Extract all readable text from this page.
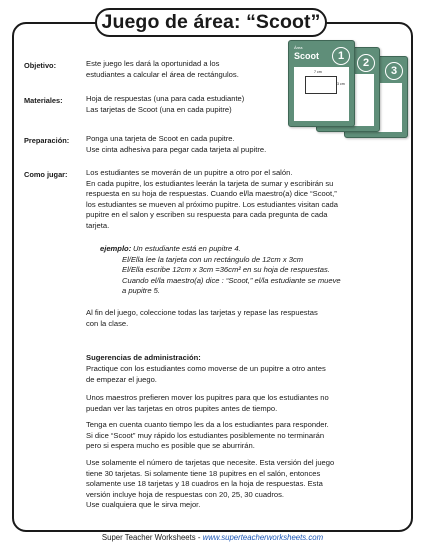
Juego de área: “Scoot”
3
2
Área
Scoot	1
7 cm
3 cm
Objetivo:	Este juego les dará la oportunidad a los
estudiantes a calcular el área de rectángulos.
Materiales:	Hoja de respuestas (una para cada estudiante)
Las tarjetas de Scoot (una en cada pupitre)
Preparación: Ponga una tarjeta de Scoot en cada pupitre.
Use cinta adhesiva para pegar cada tarjeta al pupitre.
Como jugar: Los estudiantes se moverán de un pupitre a otro por el salón.
En cada pupitre, los estudiantes leerán la tarjeta de sumar y escribirán su
respuesta en su hoja de respuestas. Cuando el/la maestro(a) dice “Scoot,”
los estudiantes se mueven al próximo pupitre. Los estudiantes visitan cada
pupitre en el salon y escriben su respuesta para cada pregunta de cada
tarjeta.
ejemplo: Un estudiante está en pupitre 4.
El/Ella lee la tarjeta con un rectángulo de 12cm x 3cm
El/Ella escribe 12cm x 3cm =36cm² en su hoja de respuestas.
Cuando el/la maestro(a) dice : “Scoot,” el/la estudiante se mueve
a pupitre 5.
Al fin del juego, coleccione todas las tarjetas y repase las respuestas
con la clase.
Sugerencias de administración:
Practique con los estudiantes como moverse de un pupitre a otro antes
de empezar el juego.
Unos maestros prefieren mover los pupitres para que los estudiantes no
puedan ver las tarjetas en otros pupites antes de tiempo.
Tenga en cuenta cuanto tiempo les da a los estudiantes para responder.
Si dice “Scoot” muy rápido los estudiantes posiblemente no terminarán
pero si espera mucho es posible que se aburrirán.
Use solamente el número de tarjetas que necesite. Esta versión del juego
tiene 30 tarjetas. Si solamente tiene 18 pupitres en el salón, entonces
solamente use 18 tarjetas y 18 cuadros en la hoja de respuestas. Esta
versión incluye hoja de respuestas con 20, 25, 30 cuadros.
Use cualquiera que le sirva mejor.
Super Teacher Worksheets - www.superteacherworksheets.com
